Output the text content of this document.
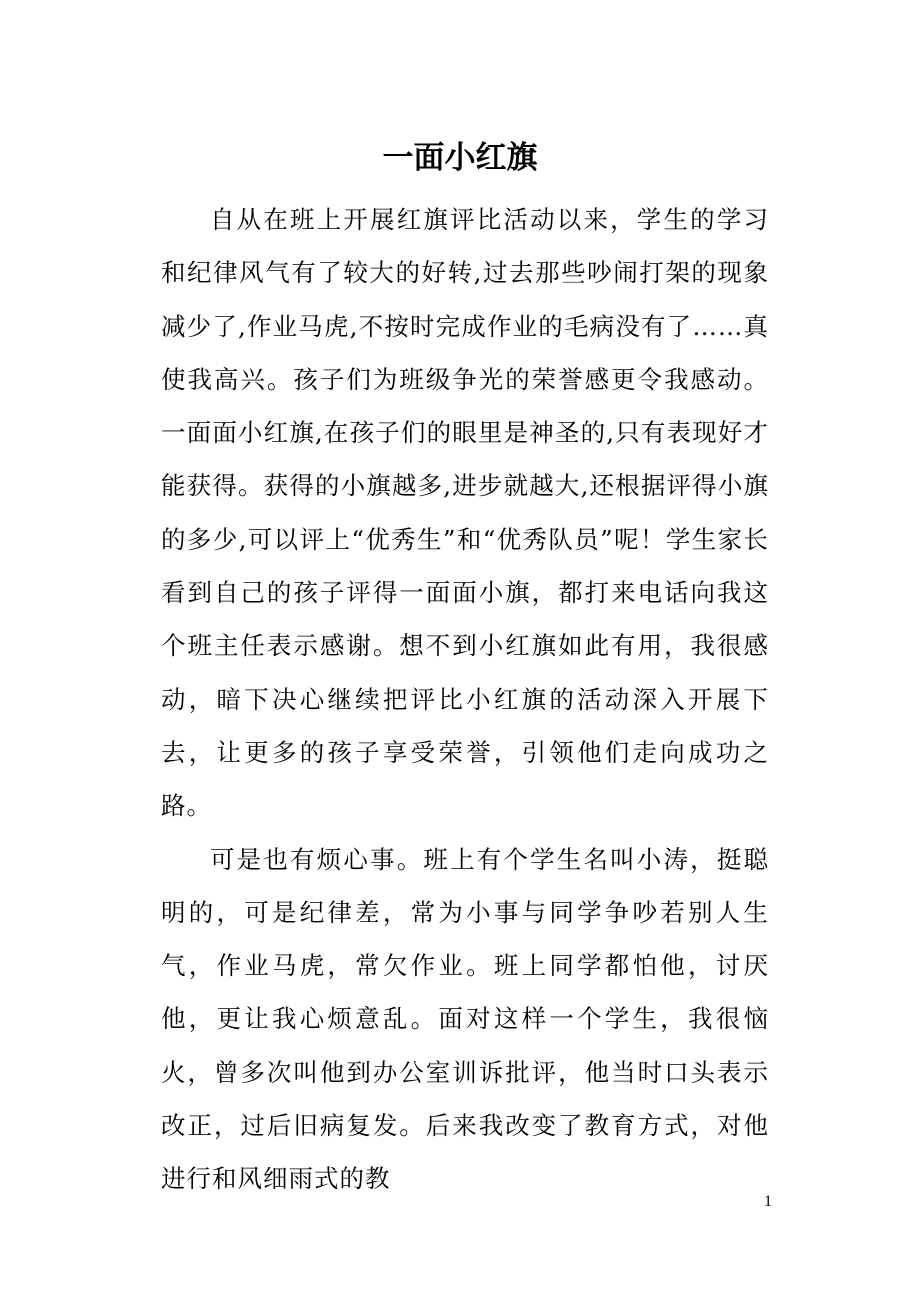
一面小红旗

自从在班上开展红旗评比活动以来，学生的学习和纪律风气有了较大的好转,过去那些吵闹打架的现象减少了,作业马虎,不按时完成作业的毛病没有了……真使我高兴。孩子们为班级争光的荣誉感更令我感动。一面面小红旗,在孩子们的眼里是神圣的,只有表现好才能获得。获得的小旗越多,进步就越大,还根据评得小旗的多少,可以评上“优秀生”和“优秀队员”呢！学生家长看到自己的孩子评得一面面小旗，都打来电话向我这个班主任表示感谢。想不到小红旗如此有用，我很感动，暗下决心继续把评比小红旗的活动深入开展下去，让更多的孩子享受荣誉，引领他们走向成功之路。

可是也有烦心事。班上有个学生名叫小涛，挺聪明的，可是纪律差，常为小事与同学争吵若别人生气，作业马虎，常欠作业。班上同学都怕他，讨厌他，更让我心烦意乱。面对这样一个学生，我很恼火，曾多次叫他到办公室训诉批评，他当时口头表示改正，过后旧病复发。后来我改变了教育方式，对他进行和风细雨式的教

1
